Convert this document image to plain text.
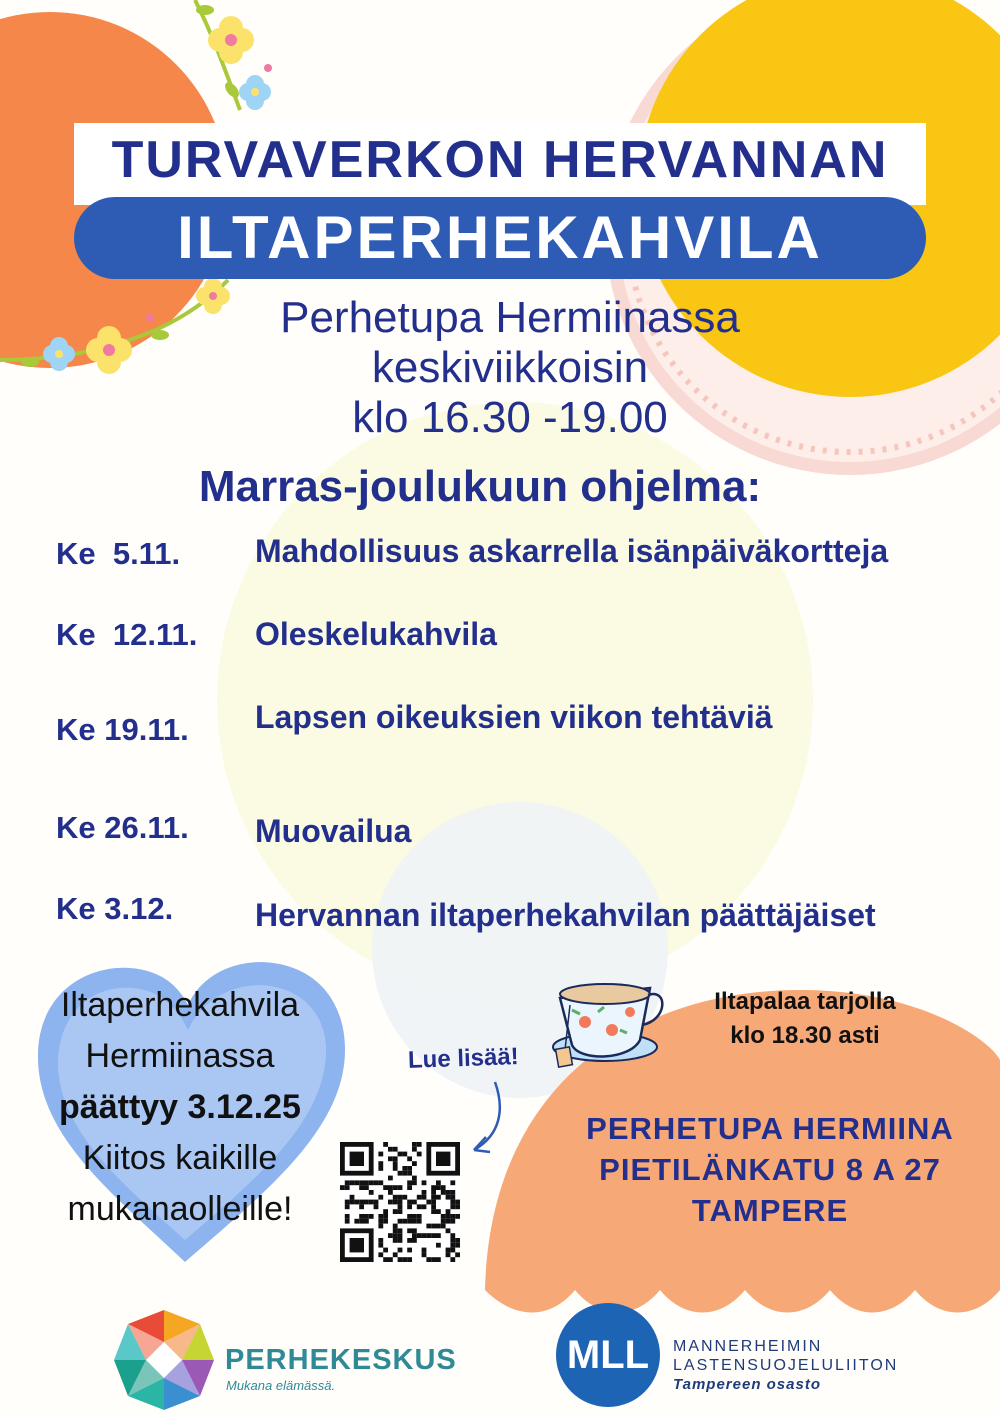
TURVAVERKON HERVANNAN
ILTAPERHEKAHVILA
Perhetupa Hermiinassa
keskiviikkoisin
klo 16.30 -19.00
Marras-joulukuun ohjelma:
Ke  5.11. Mahdollisuus askarrella isänpäiväkortteja
Ke  12.11. Oleskelukahvila
Ke 19.11. Lapsen oikeuksien viikon tehtäviä
Ke 26.11. Muovailua
Ke 3.12.	Hervannan iltaperhekahvilan päättäjäiset
Iltaperhekahvila
Hermiinassa
päättyy 3.12.25
Kiitos kaikille
mukanaolleille!
Lue lisää!
Iltapalaa tarjolla
klo 18.30 asti
PERHETUPA HERMIINA
PIETILÄNKATU 8 A 27
TAMPERE
PERHEKESKUS
Mukana elämässä.
MLL	MANNERHEIMIN
LASTENSUOJELULIITON
Tampereen osasto
